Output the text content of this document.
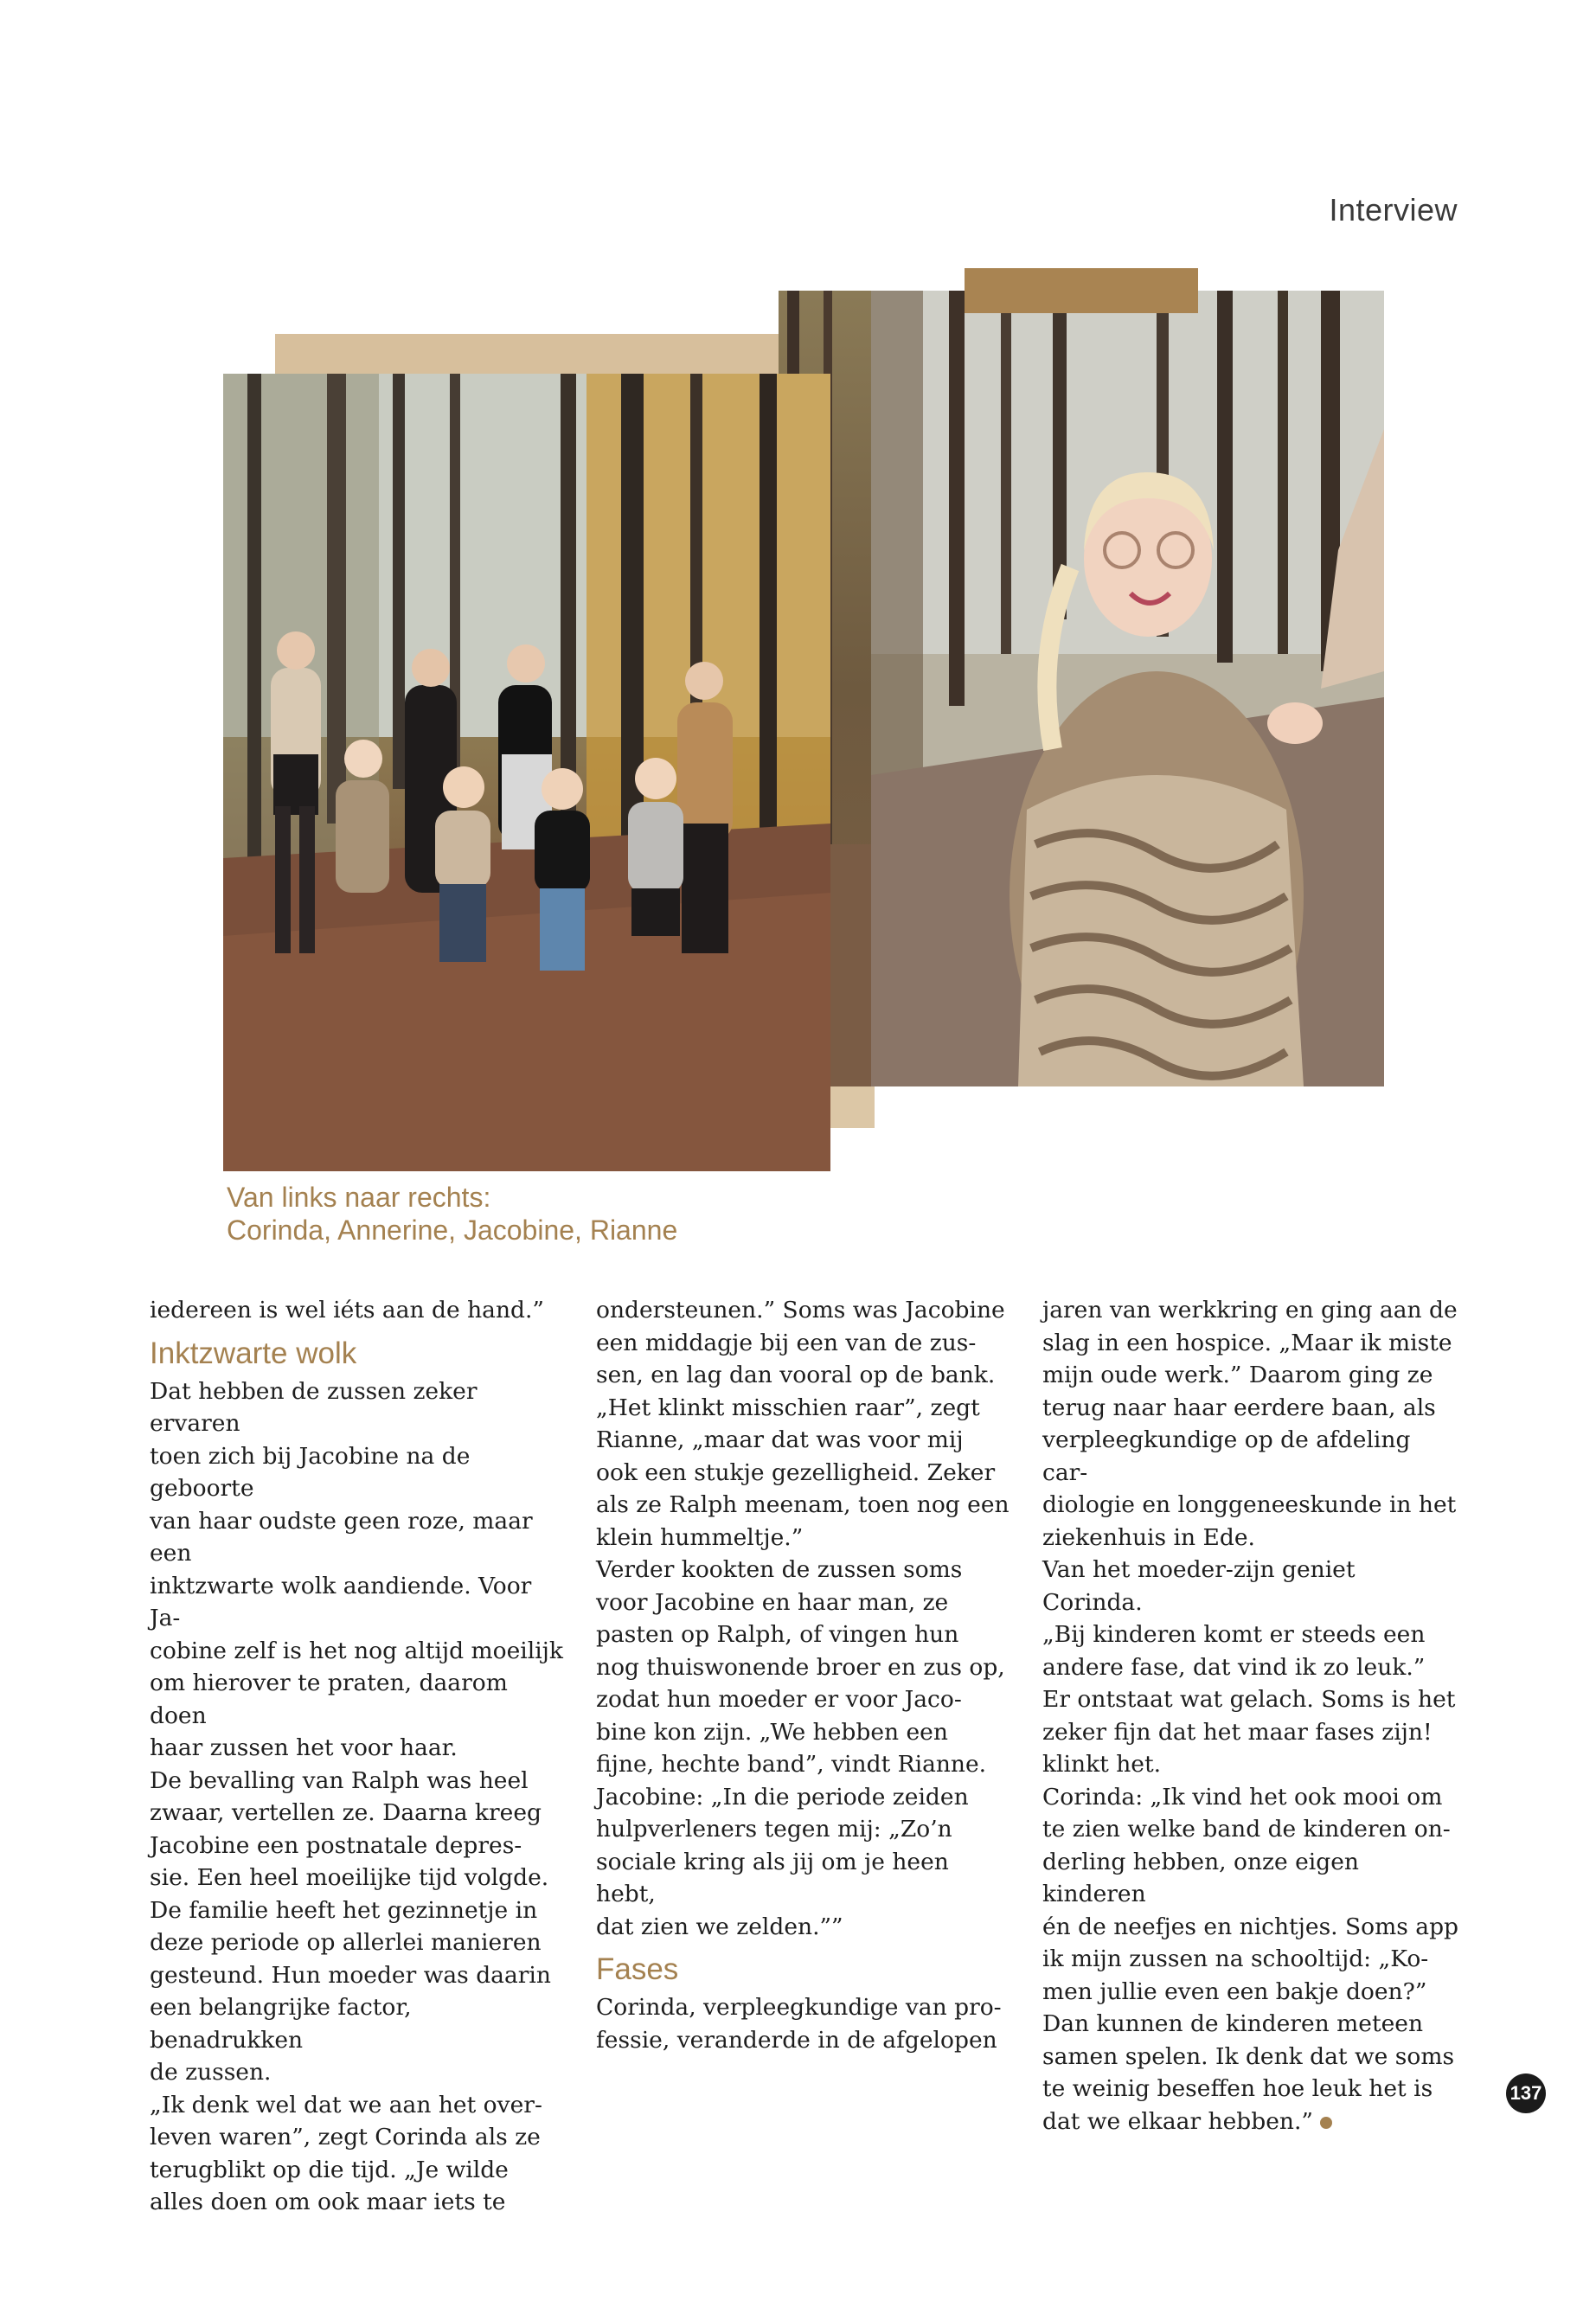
Interview
Van links naar rechts:
Corinda, Annerine, Jacobine, Rianne

iedereen is wel iéts aan de hand.”

Inktzwarte wolk

Dat hebben de zussen zeker ervaren
toen zich bij Jacobine na de geboorte
van haar oudste geen roze, maar een
inktzwarte wolk aandiende. Voor Ja-
cobine zelf is het nog altijd moeilijk
om hierover te praten, daarom doen
haar zussen het voor haar.

De bevalling van Ralph was heel
zwaar, vertellen ze. Daarna kreeg
Jacobine een postnatale depres-
sie. Een heel moeilijke tijd volgde.
De familie heeft het gezinnetje in
deze periode op allerlei manieren
gesteund. Hun moeder was daarin
een belangrijke factor, benadrukken
de zussen.

„Ik denk wel dat we aan het over-
leven waren”, zegt Corinda als ze
terugblikt op die tijd. „Je wilde
alles doen om ook maar iets te

ondersteunen.” Soms was Jacobine
een middagje bij een van de zus-
sen, en lag dan vooral op de bank.
„Het klinkt misschien raar”, zegt
Rianne, „maar dat was voor mij
ook een stukje gezelligheid. Zeker
als ze Ralph meenam, toen nog een
klein hummeltje.”

Verder kookten de zussen soms
voor Jacobine en haar man, ze
pasten op Ralph, of vingen hun
nog thuiswonende broer en zus op,
zodat hun moeder er voor Jaco-
bine kon zijn. „We hebben een
fijne, hechte band”, vindt Rianne.
Jacobine: „In die periode zeiden
hulpverleners tegen mij: „Zo’n
sociale kring als jij om je heen hebt,
dat zien we zelden.””

Fases

Corinda, verpleegkundige van pro-
fessie, veranderde in de afgelopen

jaren van werkkring en ging aan de
slag in een hospice. „Maar ik miste
mijn oude werk.” Daarom ging ze
terug naar haar eerdere baan, als
verpleegkundige op de afdeling car-
diologie en longgeneeskunde in het
ziekenhuis in Ede.

Van het moeder-zijn geniet Corinda.
„Bij kinderen komt er steeds een
andere fase, dat vind ik zo leuk.”
Er ontstaat wat gelach. Soms is het
zeker fijn dat het maar fases zijn!
klinkt het.

Corinda: „Ik vind het ook mooi om
te zien welke band de kinderen on-
derling hebben, onze eigen kinderen
én de neefjes en nichtjes. Soms app
ik mijn zussen na schooltijd: „Ko-
men jullie even een bakje doen?”
Dan kunnen de kinderen meteen
samen spelen. Ik denk dat we soms
te weinig beseffen hoe leuk het is
dat we elkaar hebben.”

137
